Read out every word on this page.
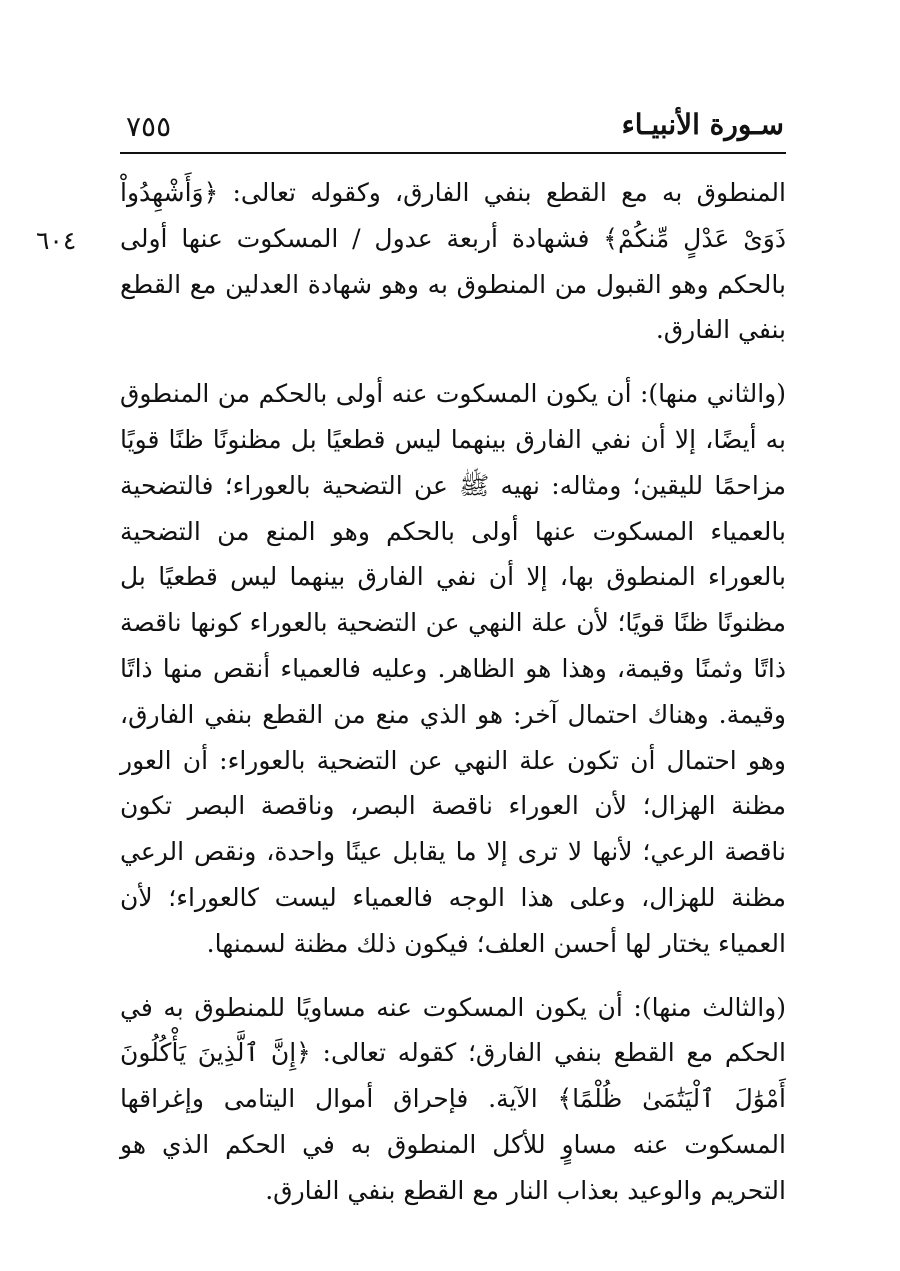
٧٥٥	سـورة الأنبيـاء
٦٠٤

المنطوق به مع القطع بنفي الفارق، وكقوله تعالى: ﴿وَأَشْهِدُواْ ذَوَىْ عَدْلٍ مِّنكُمْ﴾ فشهادة أربعة عدول / المسكوت عنها أولى بالحكم وهو القبول من المنطوق به وهو شهادة العدلين مع القطع بنفي الفارق.

(والثاني منها): أن يكون المسكوت عنه أولى بالحكم من المنطوق به أيضًا، إلا أن نفي الفارق بينهما ليس قطعيًا بل مظنونًا ظنًا قويًا مزاحمًا لليقين؛ ومثاله: نهيه ﷺ عن التضحية بالعوراء؛ فالتضحية بالعمياء المسكوت عنها أولى بالحكم وهو المنع من التضحية بالعوراء المنطوق بها، إلا أن نفي الفارق بينهما ليس قطعيًا بل مظنونًا ظنًا قويًا؛ لأن علة النهي عن التضحية بالعوراء كونها ناقصة ذاتًا وثمنًا وقيمة، وهذا هو الظاهر. وعليه فالعمياء أنقص منها ذاتًا وقيمة. وهناك احتمال آخر: هو الذي منع من القطع بنفي الفارق، وهو احتمال أن تكون علة النهي عن التضحية بالعوراء: أن العور مظنة الهزال؛ لأن العوراء ناقصة البصر، وناقصة البصر تكون ناقصة الرعي؛ لأنها لا ترى إلا ما يقابل عينًا واحدة، ونقص الرعي مظنة للهزال، وعلى هذا الوجه فالعمياء ليست كالعوراء؛ لأن العمياء يختار لها أحسن العلف؛ فيكون ذلك مظنة لسمنها.

(والثالث منها): أن يكون المسكوت عنه مساويًا للمنطوق به في الحكم مع القطع بنفي الفارق؛ كقوله تعالى: ﴿إِنَّ ٱلَّذِينَ يَأْكُلُونَ أَمْوَٰلَ ٱلْيَتَٰمَىٰ ظُلْمًا﴾ الآية. فإحراق أموال اليتامى وإغراقها المسكوت عنه مساوٍ للأكل المنطوق به في الحكم الذي هو التحريم والوعيد بعذاب النار مع القطع بنفي الفارق.
